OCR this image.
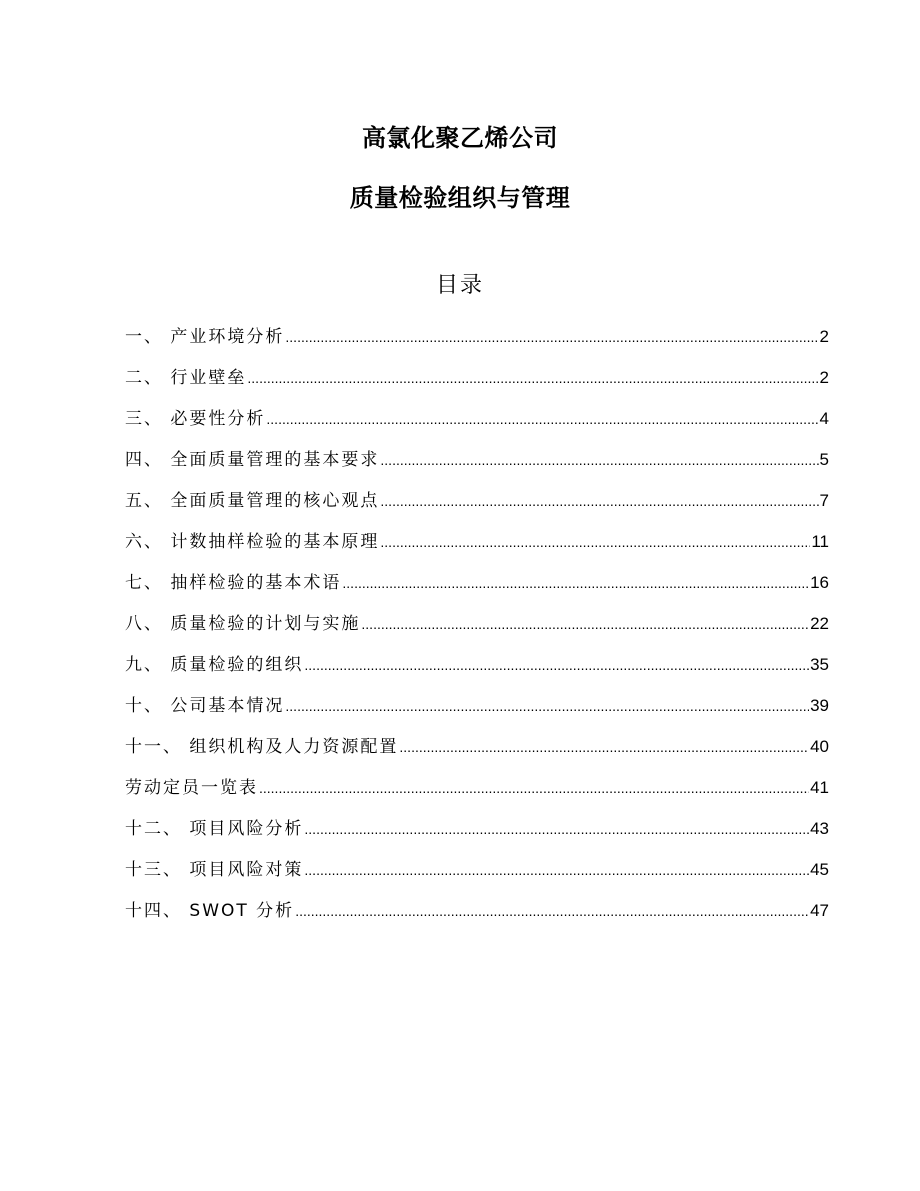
高氯化聚乙烯公司
质量检验组织与管理
目录
一、 产业环境分析 .....	2
二、 行业壁垒 .....	2
三、 必要性分析 .....	4
四、 全面质量管理的基本要求 .....	5
五、 全面质量管理的核心观点 .....	7
六、 计数抽样检验的基本原理 .....	11
七、 抽样检验的基本术语 .....	16
八、 质量检验的计划与实施 .....	22
九、 质量检验的组织 .....	35
十、 公司基本情况 .....	39
十一、 组织机构及人力资源配置 .....	40
劳动定员一览表 .....	41
十二、 项目风险分析 .....	43
十三、 项目风险对策 .....	45
十四、 SWOT 分析 .....	47
